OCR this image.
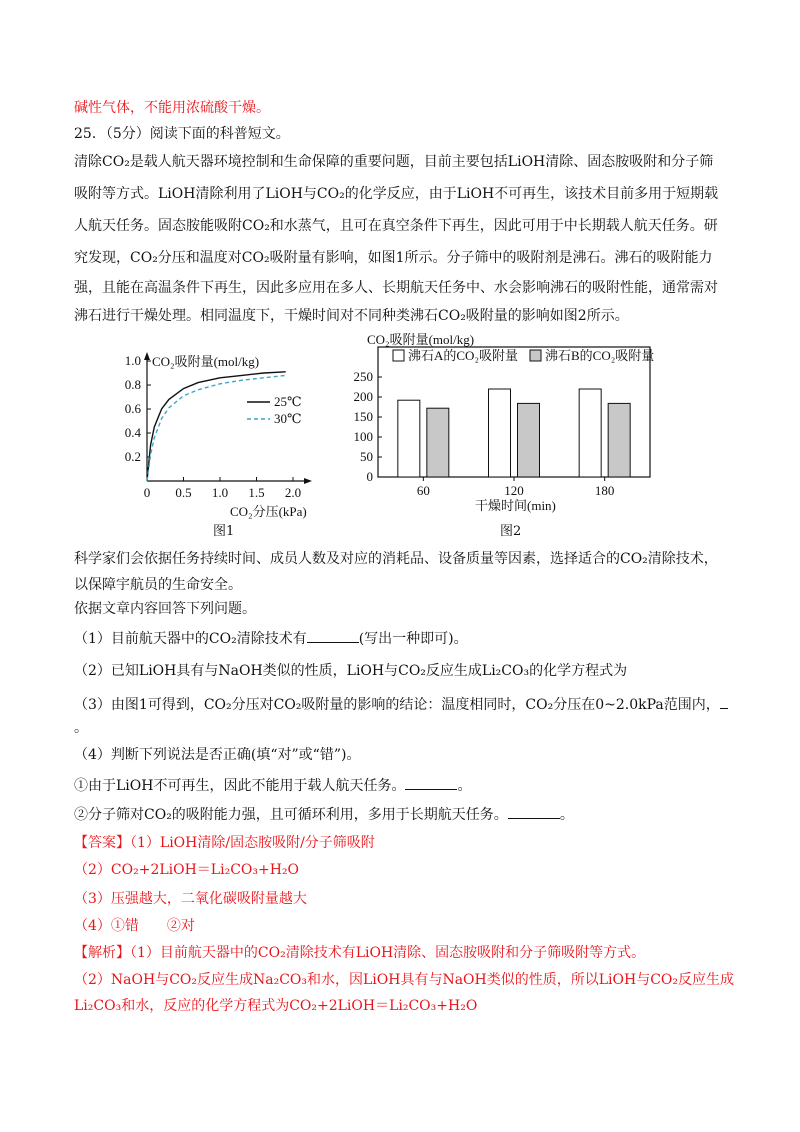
碱性气体，不能用浓硫酸干燥。
25．（5分）阅读下面的科普短文。
清除CO₂是载人航天器环境控制和生命保障的重要问题，目前主要包括LiOH清除、固态胺吸附和分子筛
吸附等方式。LiOH清除利用了LiOH与CO₂的化学反应，由于LiOH不可再生，该技术目前多用于短期载
人航天任务。固态胺能吸附CO₂和水蒸气，且可在真空条件下再生，因此可用于中长期载人航天任务。研
究发现，CO₂分压和温度对CO₂吸附量有影响，如图1所示。分子筛中的吸附剂是沸石。沸石的吸附能力
强，且能在高温条件下再生，因此多应用在多人、长期航天任务中、水会影响沸石的吸附性能，通常需对
沸石进行干燥处理。相同温度下，干燥时间对不同种类沸石CO₂吸附量的影响如图2所示。
CO₂吸附量(mol/kg)
0.2
0.4
0.6
0.8
1.0
0 0.5 1.0 1.5 2.0
25℃
30℃
CO₂分压(kPa)
图1
CO₂吸附量(mol/kg)
0
50
100
150
200
250
60	120	180
沸石A的CO₂吸附量 沸石B的CO₂吸附量
干燥时间(min)
图2
科学家们会依据任务持续时间、成员人数及对应的消耗品、设备质量等因素，选择适合的CO₂清除技术，
以保障宇航员的生命安全。
依据文章内容回答下列问题。
（1）目前航天器中的CO₂清除技术有	(写出一种即可)。
（2）已知LiOH具有与NaOH类似的性质，LiOH与CO₂反应生成Li₂CO₃的化学方程式为
（3）由图1可得到，CO₂分压对CO₂吸附量的影响的结论：温度相同时，CO₂分压在0~2.0kPa范围内，
。
（4）判断下列说法是否正确(填“对”或“错”)。
①由于LiOH不可再生，因此不能用于载人航天任务。	。
②分子筛对CO₂的吸附能力强，且可循环利用，多用于长期航天任务。	。
【答案】（1）LiOH清除/固态胺吸附/分子筛吸附
（2）CO₂+2LiOH＝Li₂CO₃+H₂O
（3）压强越大，二氧化碳吸附量越大
（4）①错　　②对
【解析】（1）目前航天器中的CO₂清除技术有LiOH清除、固态胺吸附和分子筛吸附等方式。
（2）NaOH与CO₂反应生成Na₂CO₃和水，因LiOH具有与NaOH类似的性质，所以LiOH与CO₂反应生成
Li₂CO₃和水，反应的化学方程式为CO₂+2LiOH＝Li₂CO₃+H₂O
